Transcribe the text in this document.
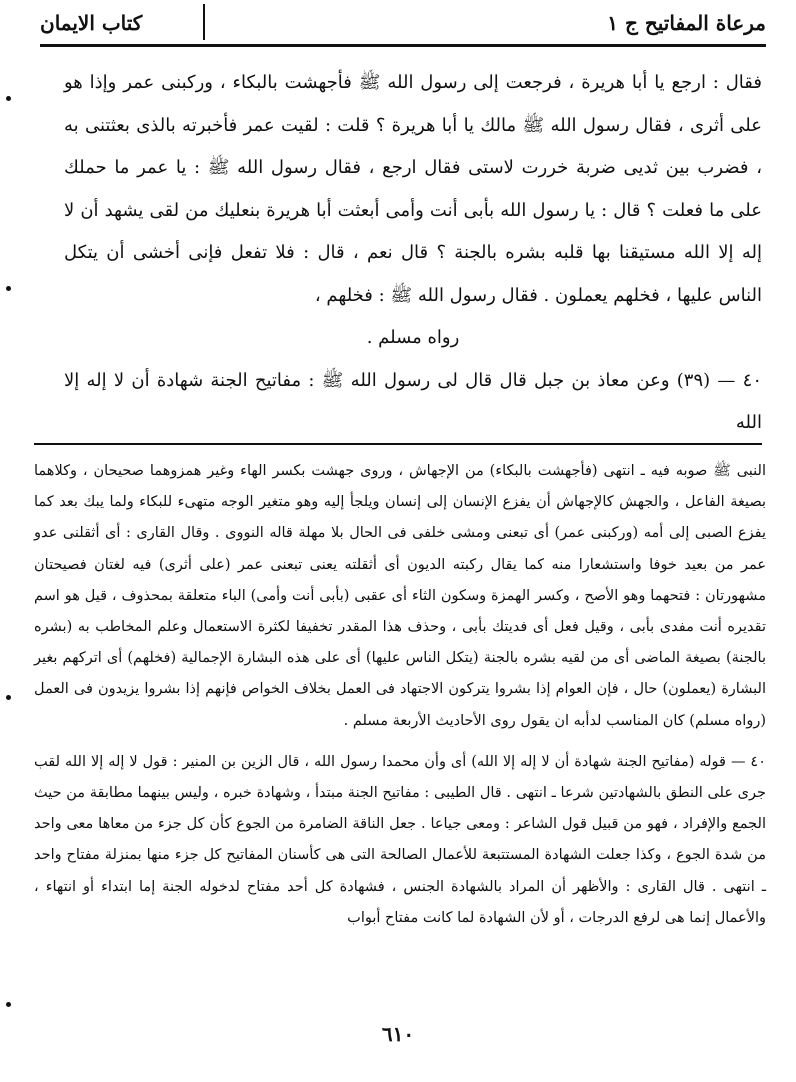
مرعاة المفاتيح ج ١
كتاب الايمان

فقال : ارجع يا أبا هريرة ، فرجعت إلى رسول الله ﷺ فأجهشت بالبكاء ، وركبنى عمر وإذا هو على أثرى ، فقال رسول الله ﷺ مالك يا أبا هريرة ؟ قلت : لقيت عمر فأخبرته بالذى بعثتنى به ، فضرب بين ثديى ضربة خررت لاستى فقال ارجع ، فقال رسول الله ﷺ : يا عمر ما حملك على ما فعلت ؟ قال : يا رسول الله بأبى أنت وأمى أبعثت أبا هريرة بنعليك من لقى يشهد أن لا إله إلا الله مستيقنا بها قلبه بشره بالجنة ؟ قال نعم ، قال : فلا تفعل فإنى أخشى أن يتكل الناس عليها ، فخلهم يعملون . فقال رسول الله ﷺ : فخلهم ،

رواه مسلم .

٤٠ — (٣٩) وعن معاذ بن جبل قال قال لى رسول الله ﷺ : مفاتيح الجنة شهادة أن لا إله إلا الله

النبى ﷺ صوبه فيه ـ انتهى (فأجهشت بالبكاء) من الإجهاش ، وروى جهشت بكسر الهاء وغير همزوهما صحيحان ، وكلاهما بصيغة الفاعل ، والجهش كالإجهاش أن يفزع الإنسان إلى إنسان ويلجأ إليه وهو متغير الوجه متهىء للبكاء ولما يبك بعد كما يفزع الصبى إلى أمه (وركبنى عمر) أى تبعنى ومشى خلفى فى الحال بلا مهلة قاله النووى . وقال القارى : أى أثقلنى عدو عمر من بعيد خوفا واستشعارا منه كما يقال ركبته الديون أى أثقلته يعنى تبعنى عمر (على أثرى) فيه لغتان فصيحتان مشهورتان : فتحهما وهو الأصح ، وكسر الهمزة وسكون الثاء أى عقبى (بأبى أنت وأمى) الباء متعلقة بمحذوف ، قيل هو اسم تقديره أنت مفدى بأبى ، وقيل فعل أى فديتك بأبى ، وحذف هذا المقدر تخفيفا لكثرة الاستعمال وعلم المخاطب به (بشره بالجنة) بصيغة الماضى أى من لقيه بشره بالجنة (يتكل الناس عليها) أى على هذه البشارة الإجمالية (فخلهم) أى اتركهم بغير البشارة (يعملون) حال ، فإن العوام إذا بشروا يتركون الاجتهاد فى العمل بخلاف الخواص فإنهم إذا بشروا يزيدون فى العمل (رواه مسلم) كان المناسب لدأبه ان يقول روى الأحاديث الأربعة مسلم .

٤٠ — قوله (مفاتيح الجنة شهادة أن لا إله إلا الله) أى وأن محمدا رسول الله ، قال الزين بن المنير : قول لا إله إلا الله لقب جرى على النطق بالشهادتين شرعا ـ انتهى . قال الطيبى : مفاتيح الجنة مبتدأ ، وشهادة خبره ، وليس بينهما مطابقة من حيث الجمع والإفراد ، فهو من قبيل قول الشاعر : ومعى جياعا . جعل الناقة الضامرة من الجوع كأن كل جزء من معاها معى واحد من شدة الجوع ، وكذا جعلت الشهادة المستتبعة للأعمال الصالحة التى هى كأسنان المفاتيح كل جزء منها بمنزلة مفتاح واحد ـ انتهى . قال القارى : والأظهر أن المراد بالشهادة الجنس ، فشهادة كل أحد مفتاح لدخوله الجنة إما ابتداء أو انتهاء ، والأعمال إنما هى لرفع الدرجات ، أو لأن الشهادة لما كانت مفتاح أبواب

٦١٠
